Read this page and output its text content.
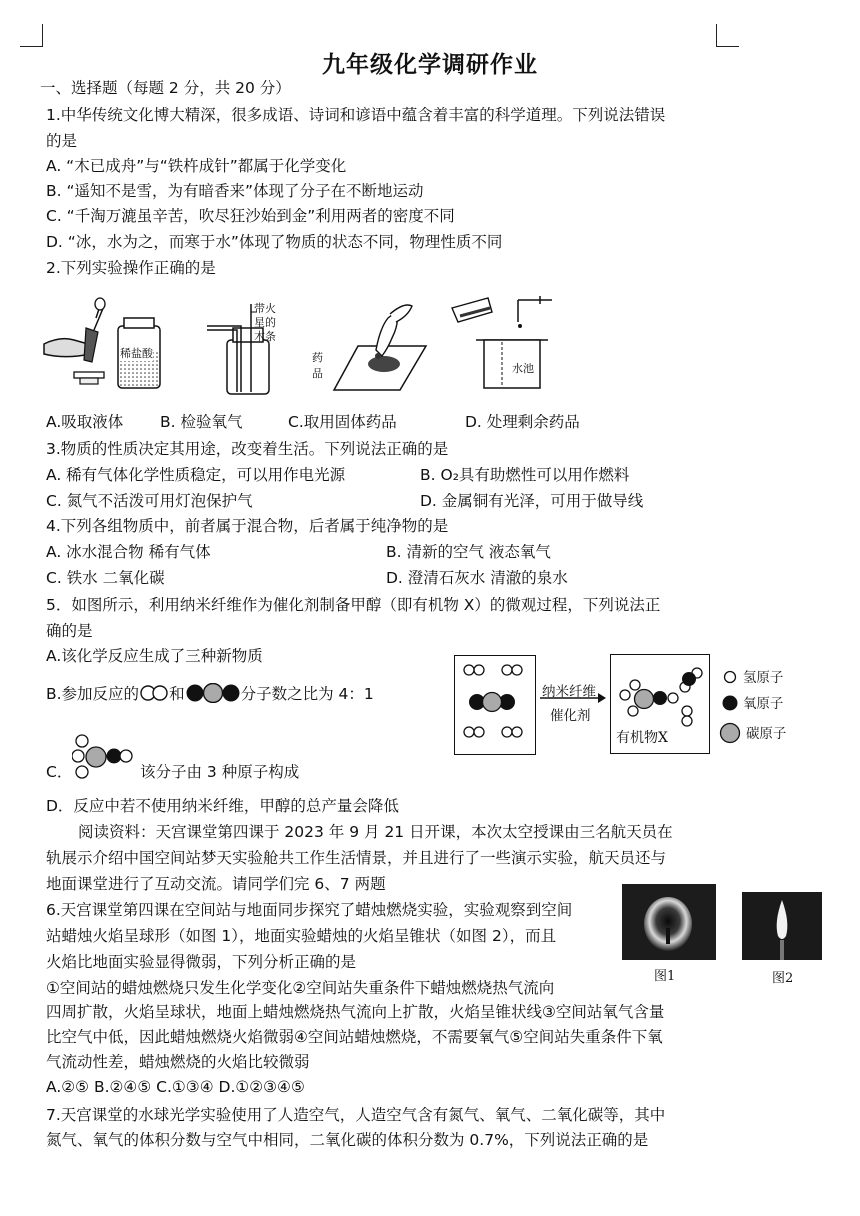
九年级化学调研作业
一、选择题（每题 2 分，共 20 分）
1.中华传统文化博大精深，很多成语、诗词和谚语中蕴含着丰富的科学道理。下列说法错误
的是
A. “木已成舟”与“铁杵成针”都属于化学变化
B. “遥知不是雪，为有暗香来”体现了分子在不断地运动
C. “千淘万漉虽辛苦，吹尽狂沙始到金”利用两者的密度不同
D. “冰，水为之，而寒于水”体现了物质的状态不同，物理性质不同
2.下列实验操作正确的是
稀盐酸
带火
星的
木条
药
品	水池
A.吸取液体 B. 检验氧气	C.取用固体药品	D. 处理剩余药品
3.物质的性质决定其用途，改变着生活。下列说法正确的是
A. 稀有气体化学性质稳定，可以用作电光源	B. O₂具有助燃性可以用作燃料
C. 氮气不活泼可用灯泡保护气	D. 金属铜有光泽，可用于做导线
4.下列各组物质中，前者属于混合物，后者属于纯净物的是
A. 冰水混合物 稀有气体	B. 清新的空气 液态氧气
C. 铁水 二氧化碳	D. 澄清石灰水 清澈的泉水
5．如图所示，利用纳米纤维作为催化剂制备甲醇（即有机物 X）的微观过程，下列说法正
确的是
A.该化学反应生成了三种新物质
B.参加反应的 和	分子数之比为 4：1
C．	该分子由 3 种原子构成
D．反应中若不使用纳米纤维，甲醇的总产量会降低
纳米纤维
催化剂
有机物X
氢原子
氧原子
碳原子
阅读资料：天宫课堂第四课于 2023 年 9 月 21 日开课，本次太空授课由三名航天员在
轨展示介绍中国空间站梦天实验舱共工作生活情景，并且进行了一些演示实验，航天员还与
地面课堂进行了互动交流。请同学们完 6、7 两题
6.天宫课堂第四课在空间站与地面同步探究了蜡烛燃烧实验，实验观察到空间
站蜡烛火焰呈球形（如图 1），地面实验蜡烛的火焰呈锥状（如图 2），而且
火焰比地面实验显得微弱，下列分析正确的是
①空间站的蜡烛燃烧只发生化学变化②空间站失重条件下蜡烛燃烧热气流向
四周扩散，火焰呈球状，地面上蜡烛燃烧热气流向上扩散，火焰呈锥状线③空间站氧气含量
比空气中低，因此蜡烛燃烧火焰微弱④空间站蜡烛燃烧，不需要氧气⑤空间站失重条件下氧
气流动性差，蜡烛燃烧的火焰比较微弱
A.②⑤ B.②④⑤ C.①③④ D.①②③④⑤
图1	图2
7.天宫课堂的水球光学实验使用了人造空气，人造空气含有氮气、氧气、二氧化碳等，其中
氮气、氧气的体积分数与空气中相同，二氧化碳的体积分数为 0.7%，下列说法正确的是
